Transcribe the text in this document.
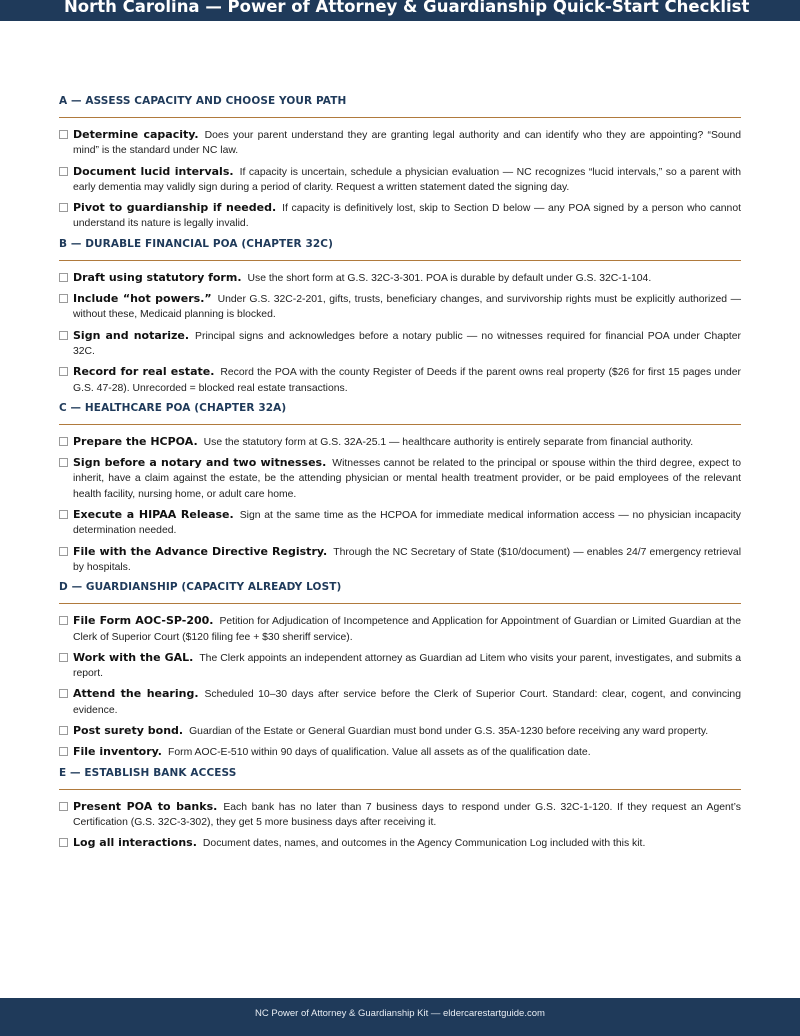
North Carolina — Power of Attorney & Guardianship Quick-Start Checklist
A — ASSESS CAPACITY AND CHOOSE YOUR PATH
Determine capacity. Does your parent understand they are granting legal authority and can identify who they are appointing? “Sound mind” is the standard under NC law.
Document lucid intervals. If capacity is uncertain, schedule a physician evaluation — NC recognizes “lucid intervals,” so a parent with early dementia may validly sign during a period of clarity. Request a written statement dated the signing day.
Pivot to guardianship if needed. If capacity is definitively lost, skip to Section D below — any POA signed by a person who cannot understand its nature is legally invalid.
B — DURABLE FINANCIAL POA (CHAPTER 32C)
Draft using statutory form. Use the short form at G.S. 32C-3-301. POA is durable by default under G.S. 32C-1-104.
Include “hot powers.” Under G.S. 32C-2-201, gifts, trusts, beneficiary changes, and survivorship rights must be explicitly authorized — without these, Medicaid planning is blocked.
Sign and notarize. Principal signs and acknowledges before a notary public — no witnesses required for financial POA under Chapter 32C.
Record for real estate. Record the POA with the county Register of Deeds if the parent owns real property ($26 for first 15 pages under G.S. 47-28). Unrecorded = blocked real estate transactions.
C — HEALTHCARE POA (CHAPTER 32A)
Prepare the HCPOA. Use the statutory form at G.S. 32A-25.1 — healthcare authority is entirely separate from financial authority.
Sign before a notary and two witnesses. Witnesses cannot be related to the principal or spouse within the third degree, expect to inherit, have a claim against the estate, be the attending physician or mental health treatment provider, or be paid employees of the relevant health facility, nursing home, or adult care home.
Execute a HIPAA Release. Sign at the same time as the HCPOA for immediate medical information access — no physician incapacity determination needed.
File with the Advance Directive Registry. Through the NC Secretary of State ($10/document) — enables 24/7 emergency retrieval by hospitals.
D — GUARDIANSHIP (CAPACITY ALREADY LOST)
File Form AOC-SP-200. Petition for Adjudication of Incompetence and Application for Appointment of Guardian or Limited Guardian at the Clerk of Superior Court ($120 filing fee + $30 sheriff service).
Work with the GAL. The Clerk appoints an independent attorney as Guardian ad Litem who visits your parent, investigates, and submits a report.
Attend the hearing. Scheduled 10–30 days after service before the Clerk of Superior Court. Standard: clear, cogent, and convincing evidence.
Post surety bond. Guardian of the Estate or General Guardian must bond under G.S. 35A-1230 before receiving any ward property.
File inventory. Form AOC-E-510 within 90 days of qualification. Value all assets as of the qualification date.
E — ESTABLISH BANK ACCESS
Present POA to banks. Each bank has no later than 7 business days to respond under G.S. 32C-1-120. If they request an Agent’s Certification (G.S. 32C-3-302), they get 5 more business days after receiving it.
Log all interactions. Document dates, names, and outcomes in the Agency Communication Log included with this kit.
NC Power of Attorney & Guardianship Kit — eldercarestartguide.com
